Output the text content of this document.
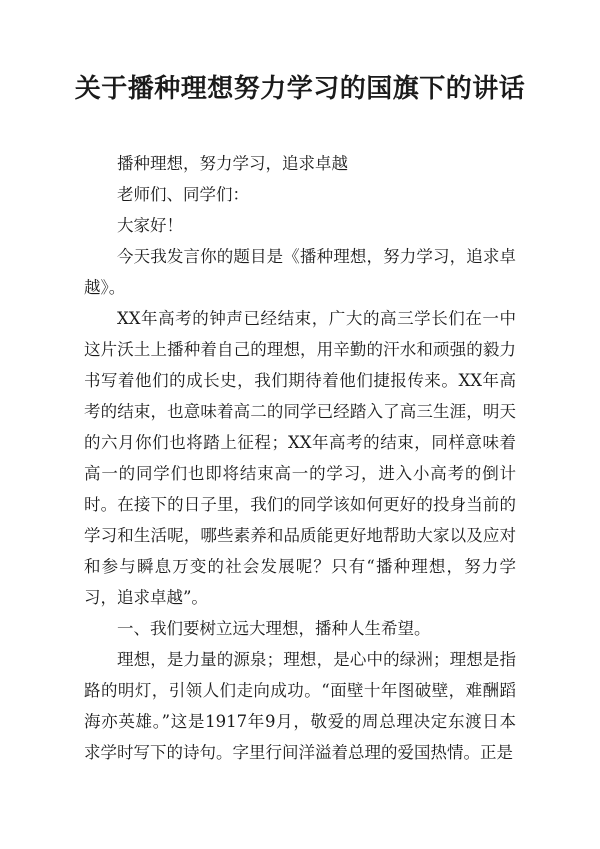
关于播种理想努力学习的国旗下的讲话

播种理想，努力学习，追求卓越

老师们、同学们：

大家好！

今天我发言你的题目是《播种理想，努力学习，追求卓越》。

XX年高考的钟声已经结束，广大的高三学长们在一中这片沃土上播种着自己的理想，用辛勤的汗水和顽强的毅力书写着他们的成长史，我们期待着他们捷报传来。XX年高考的结束，也意味着高二的同学已经踏入了高三生涯，明天的六月你们也将踏上征程；XX年高考的结束，同样意味着高一的同学们也即将结束高一的学习，进入小高考的倒计时。在接下的日子里，我们的同学该如何更好的投身当前的学习和生活呢，哪些素养和品质能更好地帮助大家以及应对和参与瞬息万变的社会发展呢？只有“播种理想，努力学习，追求卓越”。

一、我们要树立远大理想，播种人生希望。

理想，是力量的源泉；理想，是心中的绿洲；理想是指路的明灯，引领人们走向成功。“面壁十年图破壁，难酬蹈海亦英雄。”这是1917年9月，敬爱的周总理决定东渡日本求学时写下的诗句。字里行间洋溢着总理的爱国热情。正是
